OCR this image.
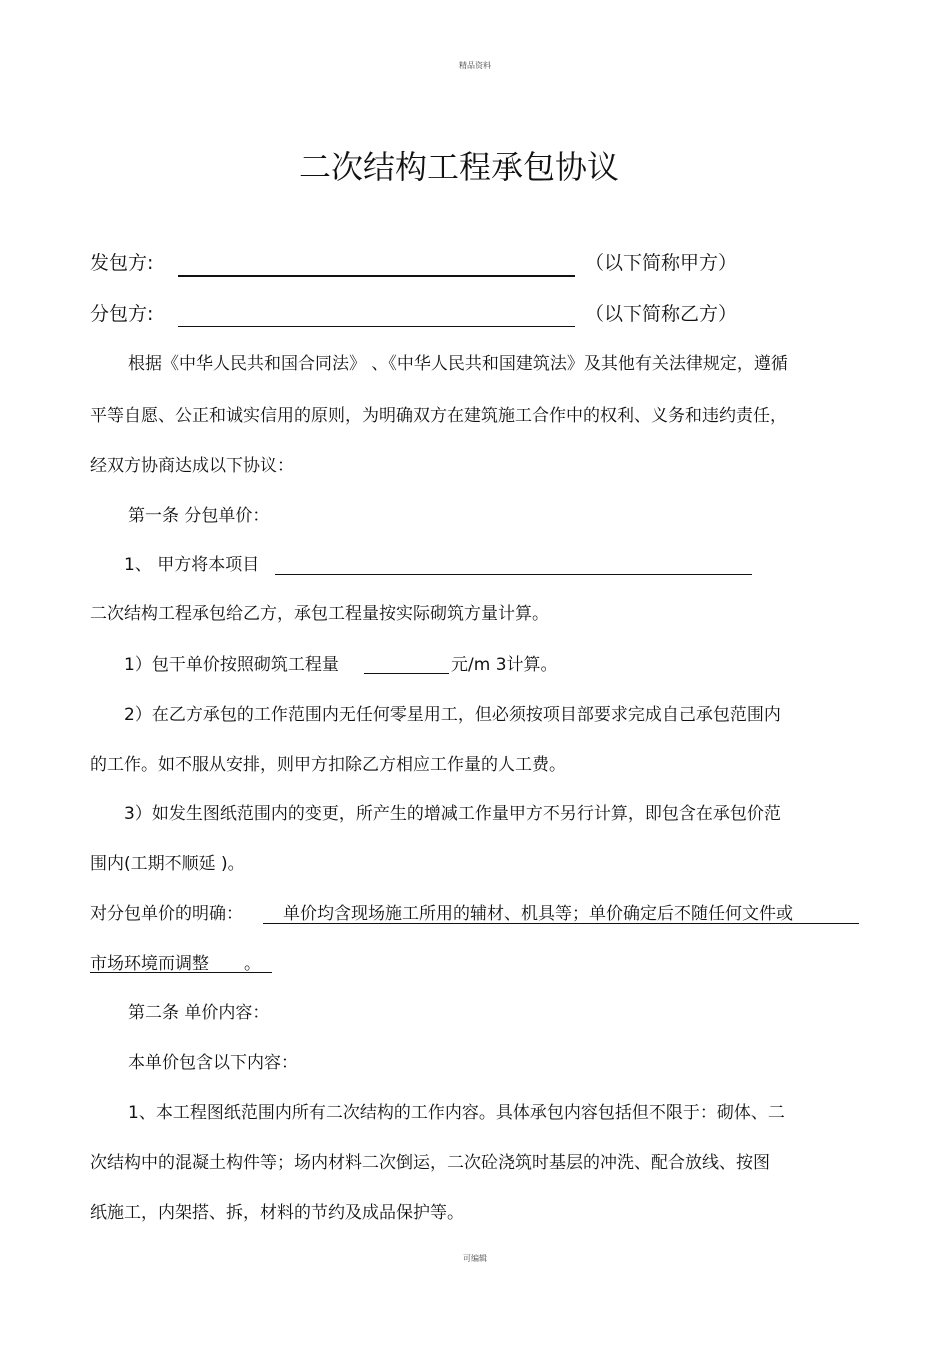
精品资料
二次结构工程承包协议
发包方:	（以下简称甲方）
分包方:	（以下简称乙方）
根据《中华人民共和国合同法》 、《中华人民共和国建筑法》及其他有关法律规定，遵循
平等自愿、公正和诚实信用的原则，为明确双方在建筑施工合作中的权利、义务和违约责任，
经双方协商达成以下协议：
第一条 分包单价：
1、 甲方将本项目
二次结构工程承包给乙方，承包工程量按实际砌筑方量计算。
1）包干单价按照砌筑工程量	元/m 3计算。
2）在乙方承包的工作范围内无任何零星用工，但必须按项目部要求完成自己承包范围内
的工作。如不服从安排，则甲方扣除乙方相应工作量的人工费。
3）如发生图纸范围内的变更，所产生的增减工作量甲方不另行计算，即包含在承包价范
围内(工期不顺延 )。
对分包单价的明确： 单价均含现场施工所用的辅材、机具等；单价确定后不随任何文件或
市场环境而调整 。
第二条 单价内容：
本单价包含以下内容：
1、本工程图纸范围内所有二次结构的工作内容。具体承包内容包括但不限于：砌体、二
次结构中的混凝土构件等；场内材料二次倒运，二次砼浇筑时基层的冲洗、配合放线、按图
纸施工，内架搭、拆，材料的节约及成品保护等。
可编辑
